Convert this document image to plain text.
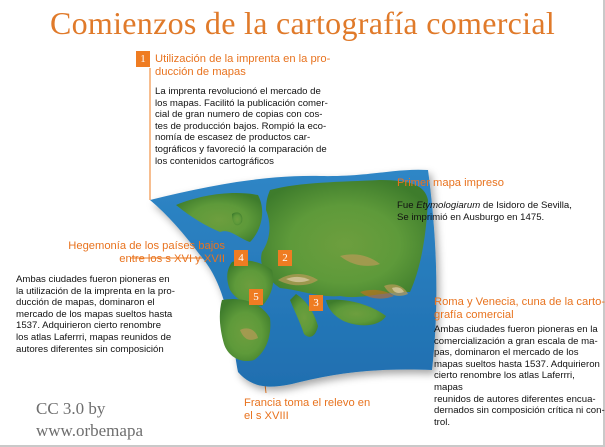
Comienzos de la cartografía comercial
1
2
3
4
5
Utilización de la imprenta en la pro-
ducción de mapas
La imprenta revolucionó el mercado de
los mapas. Facilitó la publicación comer-
cial de gran numero de copias con cos-
tes de producción bajos. Rompió la eco-
nomía de escasez de productos car-
tográficos y favoreció la comparación de
los contenidos cartográficos
Primer mapa impreso
Fue Etymologiarum de Isidoro de Sevilla,
Se imprimió en Ausburgo en 1475.
Roma y Venecia, cuna de la carto-
grafía comercial
Ambas ciudades fueron pioneras en la
comercialización a gran escala de ma-
pas, dominaron el mercado de los
mapas sueltos hasta 1537. Adquirieron
cierto renombre los atlas Laferrri, mapas
reunidos de autores diferentes encua-
dernados sin composición crítica ni con-
trol.
Hegemonía de los países bajos
entre los s XVI y XVII
Ambas ciudades fueron pioneras en
la utilización de la imprenta en la pro-
ducción de mapas, dominaron el
mercado de los mapas sueltos hasta
1537. Adquirieron cierto renombre
los atlas Laferrri, mapas reunidos de
autores diferentes sin composición
Francia toma el relevo en
el s XVIII
CC 3.0 by
www.orbemapa
